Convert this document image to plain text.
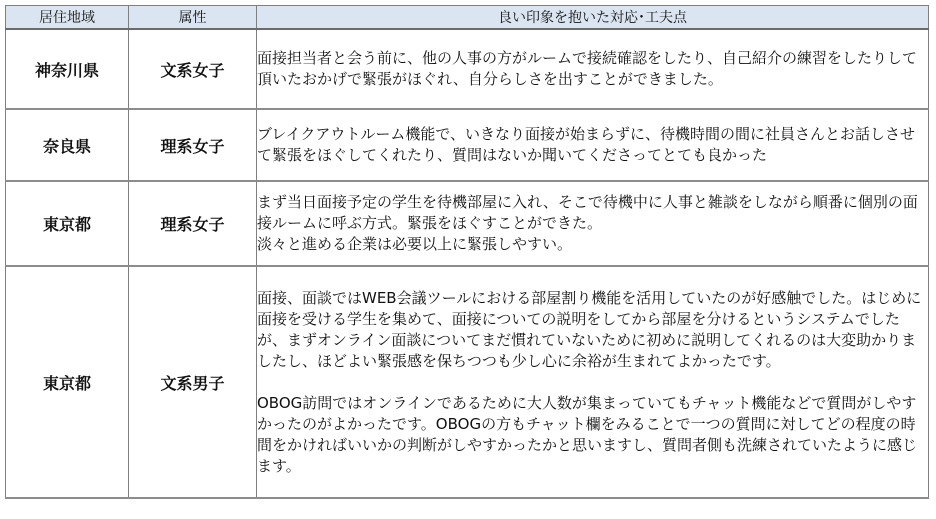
居住地域	属性	良い印象を抱いた対応･工夫点
神奈川県	文系女子	面接担当者と会う前に、他の人事の方がルームで接続確認をしたり、自己紹介の練習をしたりして頂いたおかげで緊張がほぐれ、自分らしさを出すことができました。

奈良県	理系女子	ブレイクアウトルーム機能で、いきなり面接が始まらずに、待機時間の間に社員さんとお話しさせて緊張をほぐしてくれたり、質問はないか聞いてくださってとても良かった

東京都	理系女子	まず当日面接予定の学生を待機部屋に入れ、そこで待機中に人事と雑談をしながら順番に個別の面接ルームに呼ぶ方式。緊張をほぐすことができた。
淡々と進める企業は必要以上に緊張しやすい。

東京都	文系男子	面接、面談ではWEB会議ツールにおける部屋割り機能を活用していたのが好感触でした。はじめに面接を受ける学生を集めて、面接についての説明をしてから部屋を分けるというシステムでしたが、まずオンライン面談についてまだ慣れていないために初めに説明してくれるのは大変助かりましたし、ほどよい緊張感を保ちつつも少し心に余裕が生まれてよかったです。

OBOG訪問ではオンラインであるために大人数が集まっていてもチャット機能などで質問がしやすかったのがよかったです。OBOGの方もチャット欄をみることで一つの質問に対してどの程度の時間をかければいいかの判断がしやすかったかと思いますし、質問者側も洗練されていたように感じます。
